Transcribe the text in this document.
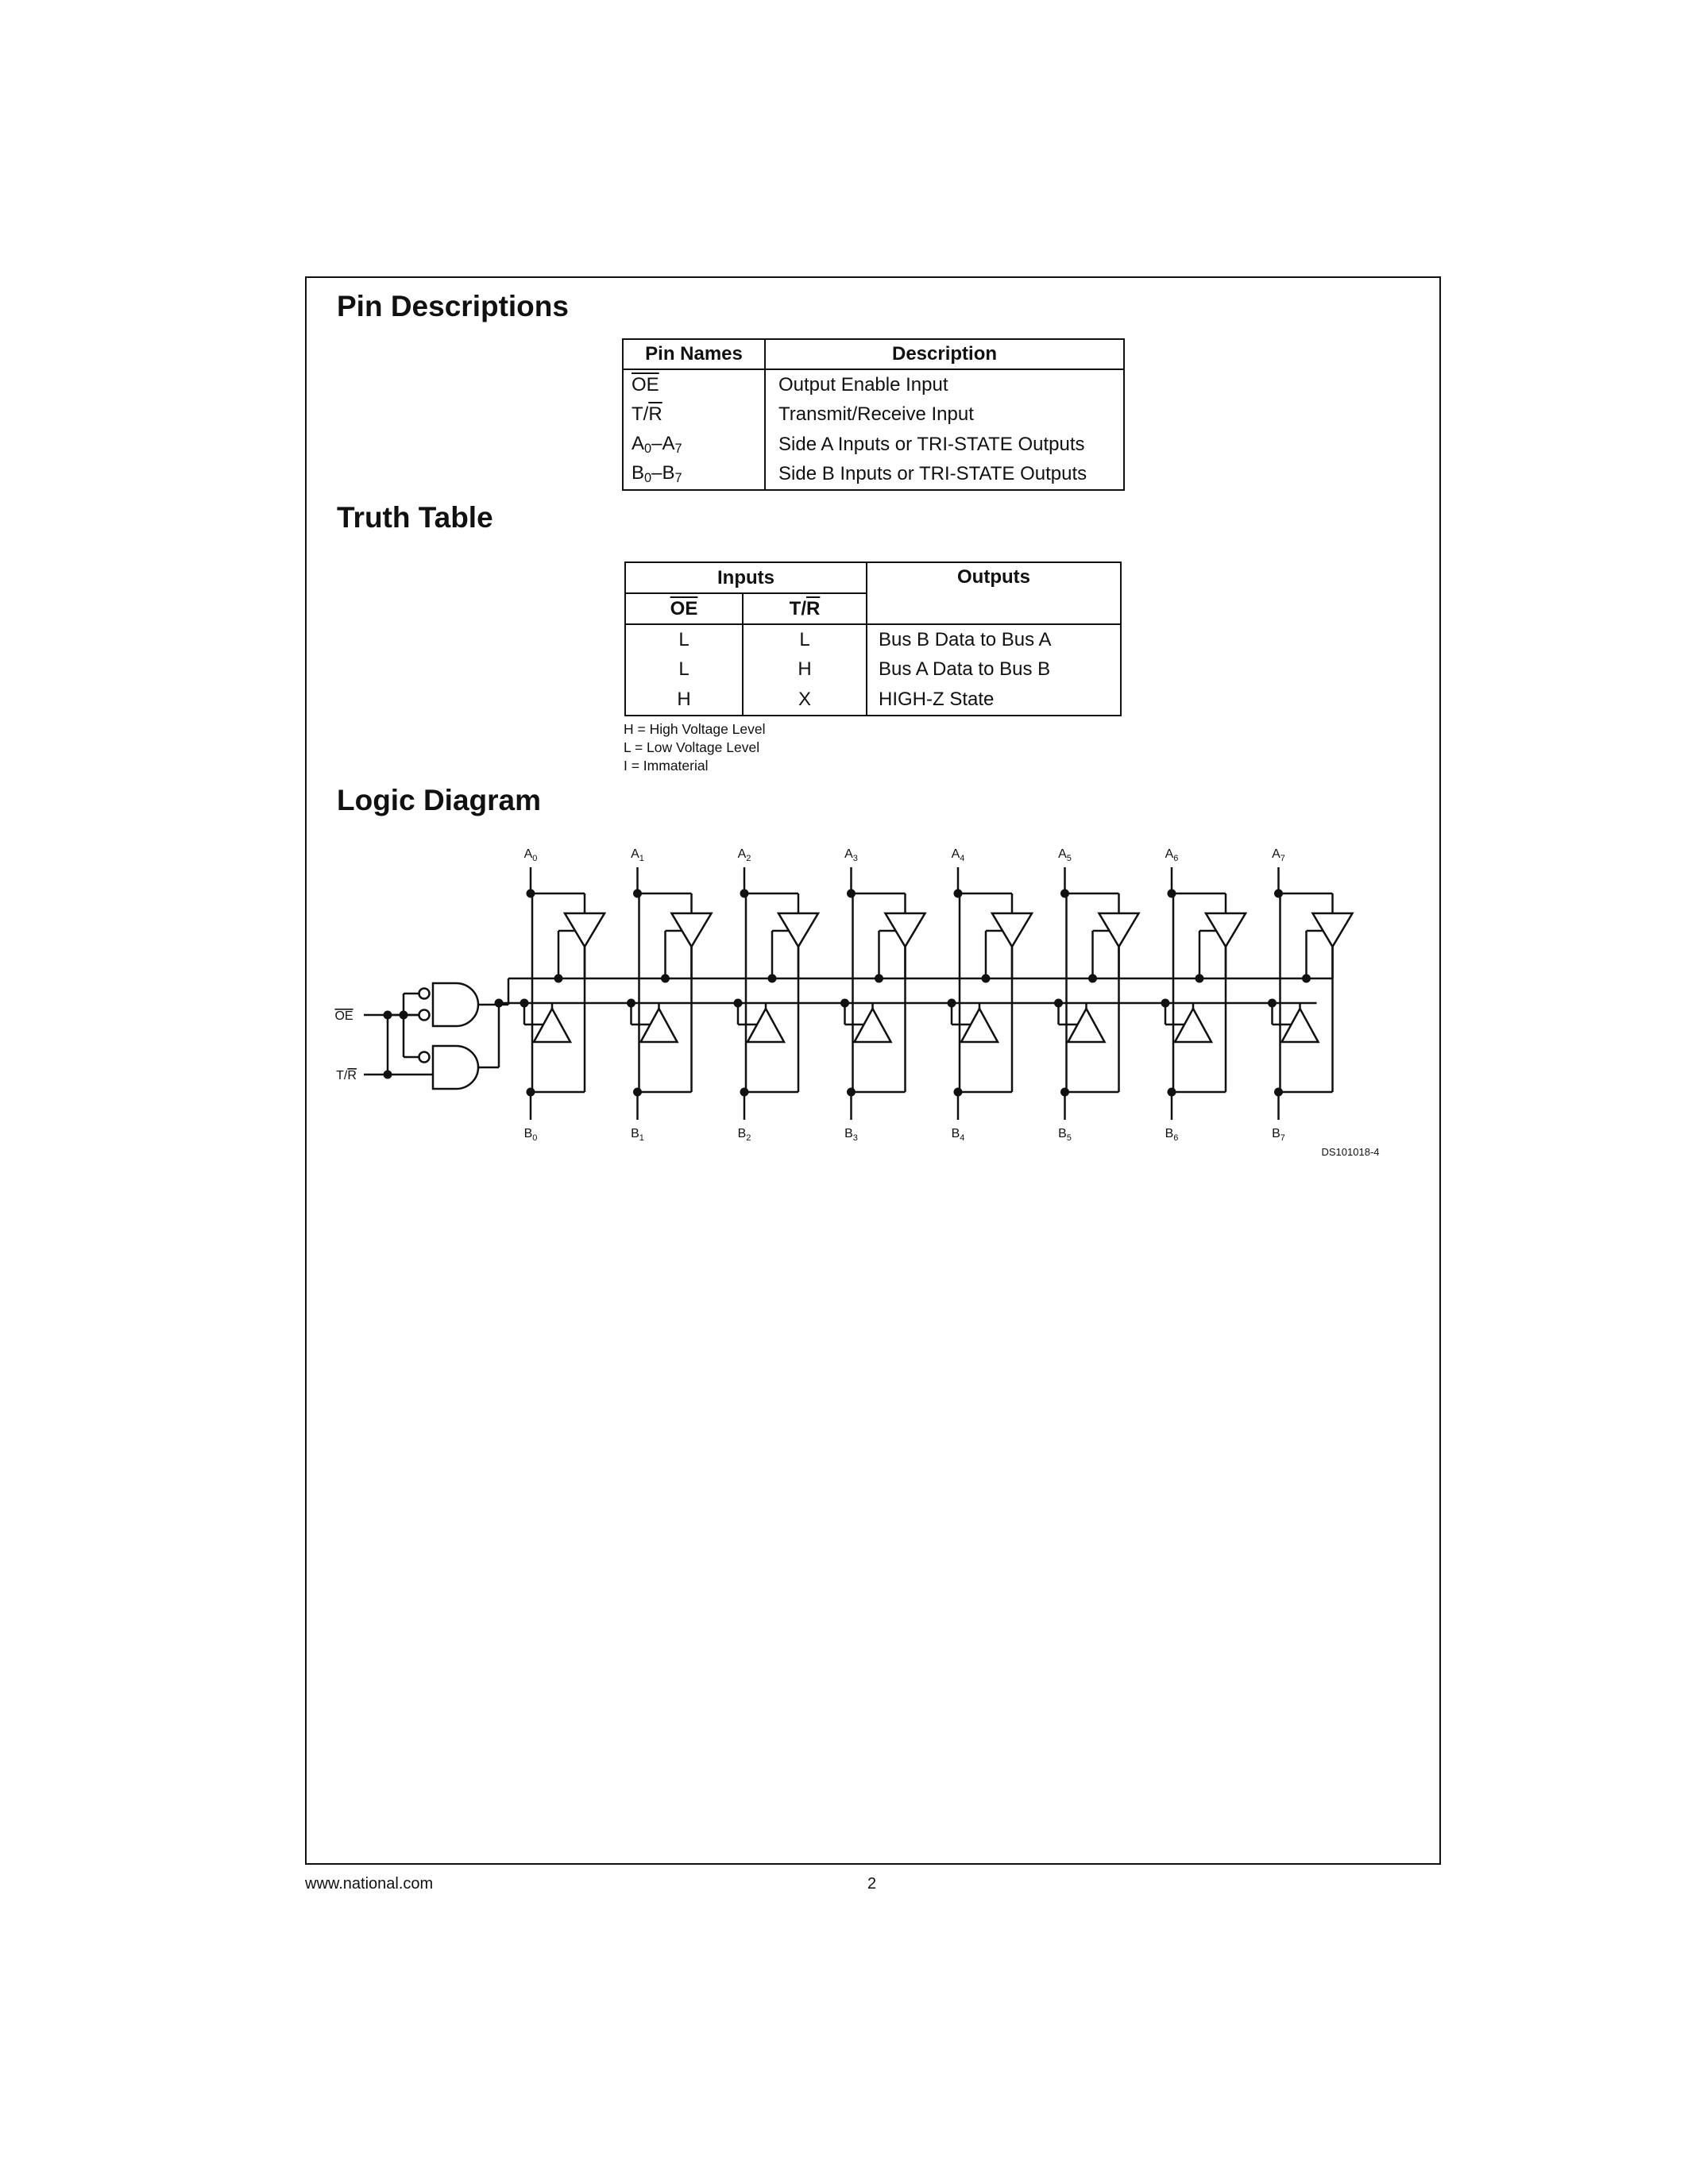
Pin Descriptions
Pin Names	Description
$\overline{OE}$	Output Enable Input
$T/\overline{R}$	Transmit/Receive Input
$A_0-A_7$	Side A Inputs or TRI-STATE Outputs
$B_0-B_7$	Side B Inputs or TRI-STATE Outputs
Truth Table
Inputs		Outputs
$\overline{OE}$	$T/\overline{R}$
L	L	Bus B Data to Bus A
L	H	Bus A Data to Bus B
H	X	HIGH-Z State
H = High Voltage Level
L = Low Voltage Level
I = Immaterial
Logic Diagram
OE
T/R
$A_0$
$B_0$
$A_1$
$B_1$
$A_2$
$B_2$
$A_3$
$B_3$
$A_4$
$B_4$
$A_5$
$B_5$
$A_6$
$B_6$
$A_7$
$B_7$
DS101018-4
www.national.com	2
